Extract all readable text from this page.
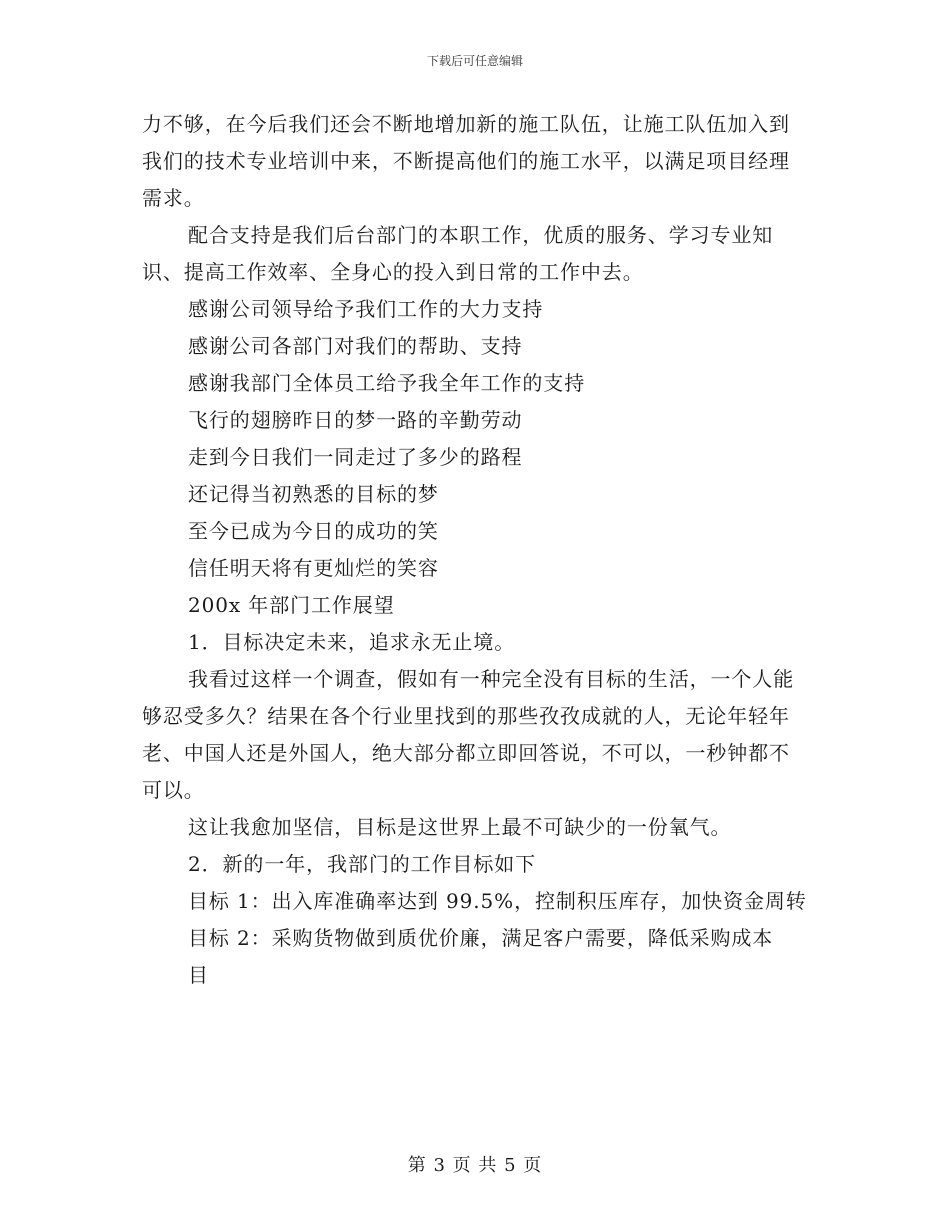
下载后可任意编辑

力不够，在今后我们还会不断地增加新的施工队伍，让施工队伍加入到我们的技术专业培训中来，不断提高他们的施工水平，以满足项目经理需求。

配合支持是我们后台部门的本职工作，优质的服务、学习专业知识、提高工作效率、全身心的投入到日常的工作中去。

感谢公司领导给予我们工作的大力支持

感谢公司各部门对我们的帮助、支持

感谢我部门全体员工给予我全年工作的支持

飞行的翅膀昨日的梦一路的辛勤劳动

走到今日我们一同走过了多少的路程

还记得当初熟悉的目标的梦

至今已成为今日的成功的笑

信任明天将有更灿烂的笑容

200x 年部门工作展望

1．目标决定未来，追求永无止境。

我看过这样一个调查，假如有一种完全没有目标的生活，一个人能够忍受多久？结果在各个行业里找到的那些孜孜成就的人，无论年轻年老、中国人还是外国人，绝大部分都立即回答说，不可以，一秒钟都不可以。

这让我愈加坚信，目标是这世界上最不可缺少的一份氧气。

2．新的一年，我部门的工作目标如下

目标 1：出入库准确率达到 99.5%，控制积压库存，加快资金周转

目标 2：采购货物做到质优价廉，满足客户需要，降低采购成本

目

第 3 页 共 5 页
